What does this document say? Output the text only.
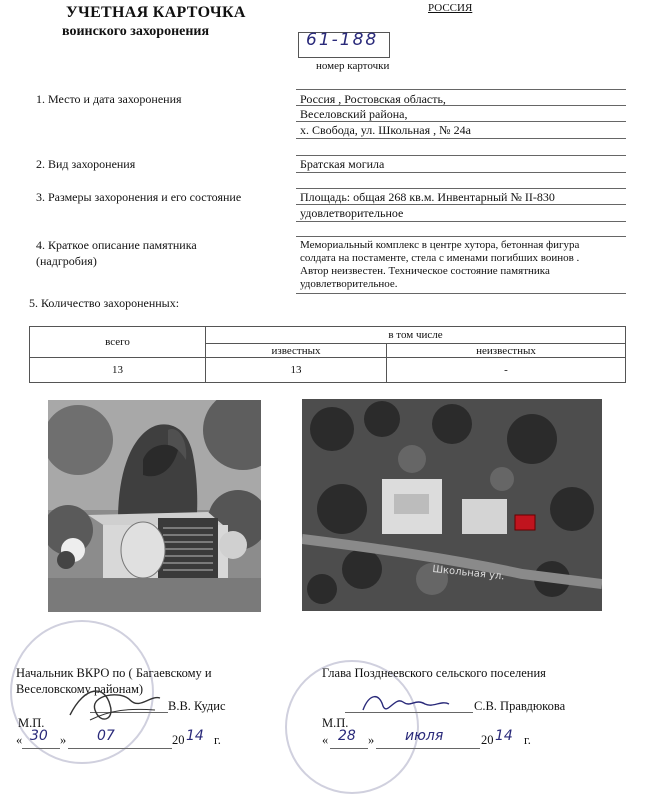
УЧЕТНАЯ КАРТОЧКА
воинского захоронения
РОССИЯ
61-188
номер карточки
1. Место и дата захоронения	Россия , Ростовская область,
Веселовский района,
х. Свобода, ул. Школьная , № 24а
2. Вид захоронения	Братская могила
3. Размеры захоронения и его состояние	Площадь: общая 268 кв.м. Инвентарный № II-830
удовлетворительное
4. Краткое описание памятника
(надгробия)
Мемориальный комплекс в центре хутора, бетонная фигура солдата на постаменте, стела с именами погибших воинов . Автор неизвестен. Техническое состояние памятника удовлетворительное.
5. Количество захороненных:
всего	в том числе	
	известных	неизвестных
13	13	-
Школьная ул.
Начальник ВКРО по ( Багаевскому и
Веселовскому районам)
В.В. Кудис
М.П.
« 30 » 07	20 14 г.
Глава Позднеевского сельского поселения
С.В. Правдюкова
М.П.
« 28 » июля	20 14 г.
